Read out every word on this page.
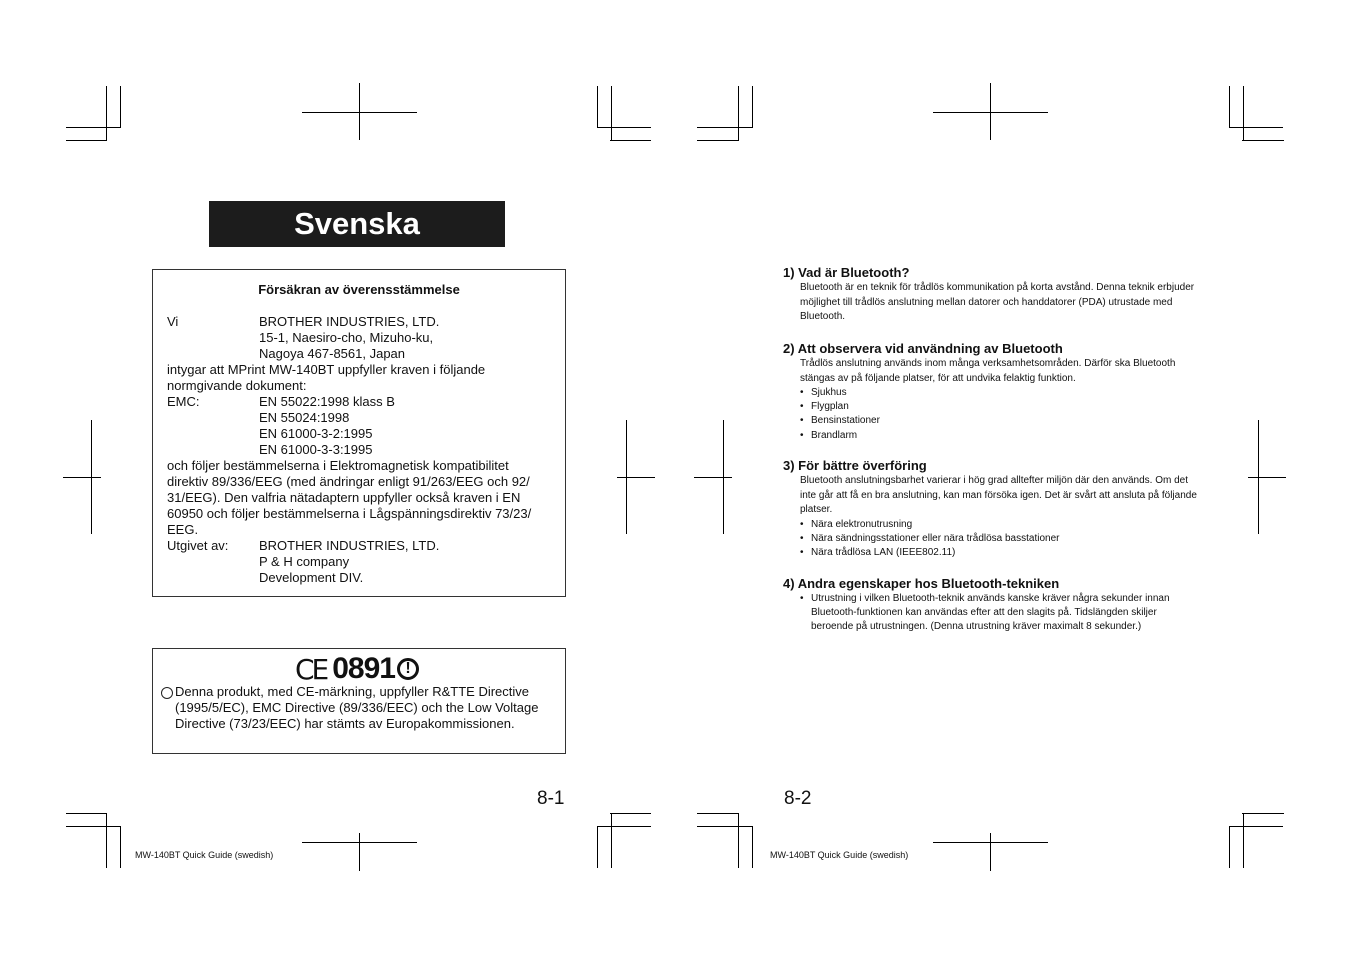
Svenska
Försäkran av överensstämmelse
Vi	BROTHER INDUSTRIES, LTD.
15-1, Naesiro-cho, Mizuho-ku,
Nagoya 467-8561, Japan
intygar att MPrint MW-140BT uppfyller kraven i följande
normgivande dokument:
EMC:	EN 55022:1998 klass B
EN 55024:1998
EN 61000-3-2:1995
EN 61000-3-3:1995
och följer bestämmelserna i Elektromagnetisk kompatibilitet
direktiv 89/336/EEG (med ändringar enligt 91/263/EEG och 92/
31/EEG). Den valfria nätadaptern uppfyller också kraven i EN
60950 och följer bestämmelserna i Lågspänningsdirektiv 73/23/
EEG.
Utgivet av: BROTHER INDUSTRIES, LTD.
P & H company
Development DIV.
CE 0891 !
Denna produkt, med CE-märkning, uppfyller R&TTE Directive (1995/5/EC), EMC Directive (89/336/EEC) och the Low Voltage Directive (73/23/EEC) har stämts av Europakommissionen.
8-1
MW-140BT Quick Guide (swedish)
1) Vad är Bluetooth?
Bluetooth är en teknik för trådlös kommunikation på korta avstånd. Denna teknik erbjuder möjlighet till trådlös anslutning mellan datorer och handdatorer (PDA) utrustade med Bluetooth.
2) Att observera vid användning av Bluetooth
Trådlös anslutning används inom många verksamhetsområden. Därför ska Bluetooth stängas av på följande platser, för att undvika felaktig funktion.
• Sjukhus
• Flygplan
• Bensinstationer
• Brandlarm
3) För bättre överföring
Bluetooth anslutningsbarhet varierar i hög grad alltefter miljön där den används. Om det inte går att få en bra anslutning, kan man försöka igen. Det är svårt att ansluta på följande platser.
• Nära elektronutrusning
• Nära sändningsstationer eller nära trådlösa basstationer
• Nära trådlösa LAN (IEEE802.11)
4) Andra egenskaper hos Bluetooth-tekniken
• Utrustning i vilken Bluetooth-teknik används kanske kräver några sekunder innan Bluetooth-funktionen kan användas efter att den slagits på. Tidslängden skiljer beroende på utrustningen. (Denna utrustning kräver maximalt 8 sekunder.)
8-2
MW-140BT Quick Guide (swedish)
